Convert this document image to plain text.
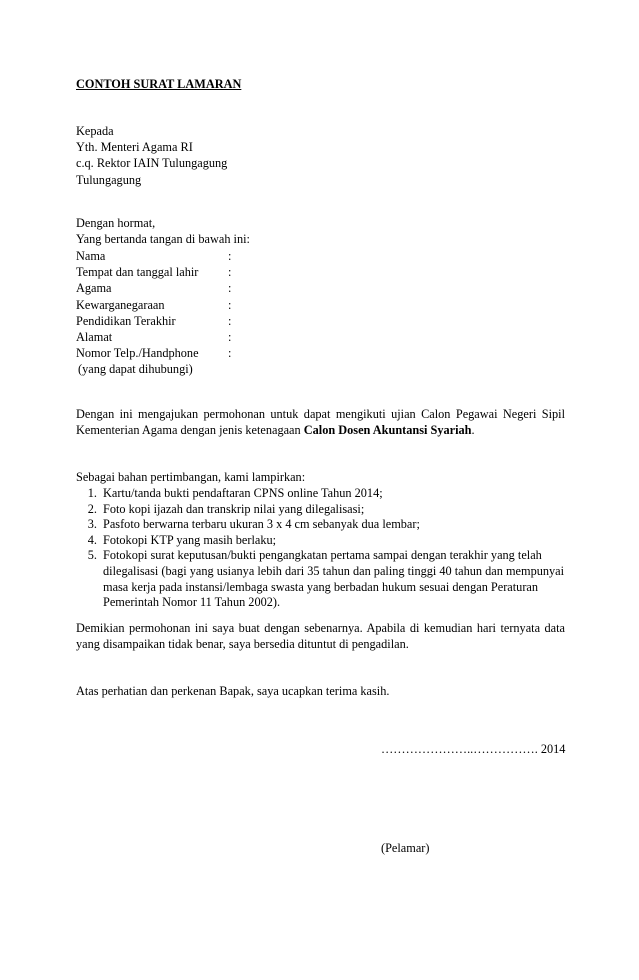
CONTOH SURAT LAMARAN

Kepada

Yth. Menteri Agama RI

c.q. Rektor IAIN Tulungagung

Tulungagung

Dengan hormat,

Yang bertanda tangan di bawah ini:

Nama	:
Tempat dan tanggal lahir :
Agama	:
Kewarganegaraan	:
Pendidikan Terakhir	:
Alamat	:
Nomor Telp./Handphone :
(yang dapat dihubungi)

Dengan ini mengajukan permohonan untuk dapat mengikuti ujian Calon Pegawai Negeri Sipil Kementerian Agama dengan jenis ketenagaan Calon Dosen Akuntansi Syariah.

Sebagai bahan pertimbangan, kami lampirkan:

1. Kartu/tanda bukti pendaftaran CPNS online Tahun 2014;
2. Foto kopi ijazah dan transkrip nilai yang dilegalisasi;
3. Pasfoto berwarna terbaru ukuran 3 x 4 cm sebanyak dua lembar;
4. Fotokopi KTP yang masih berlaku;
5. Fotokopi surat keputusan/bukti pengangkatan pertama sampai dengan terakhir yang telah dilegalisasi (bagi yang usianya lebih dari 35 tahun dan paling tinggi 40 tahun dan mempunyai masa kerja pada instansi/lembaga swasta yang berbadan hukum sesuai dengan Peraturan Pemerintah Nomor 11 Tahun 2002).

Demikian permohonan ini saya buat dengan sebenarnya. Apabila di kemudian hari ternyata data yang disampaikan tidak benar, saya bersedia dituntut di pengadilan.

Atas perhatian dan perkenan Bapak, saya ucapkan terima kasih.

…………………..……………. 2014

(Pelamar)
